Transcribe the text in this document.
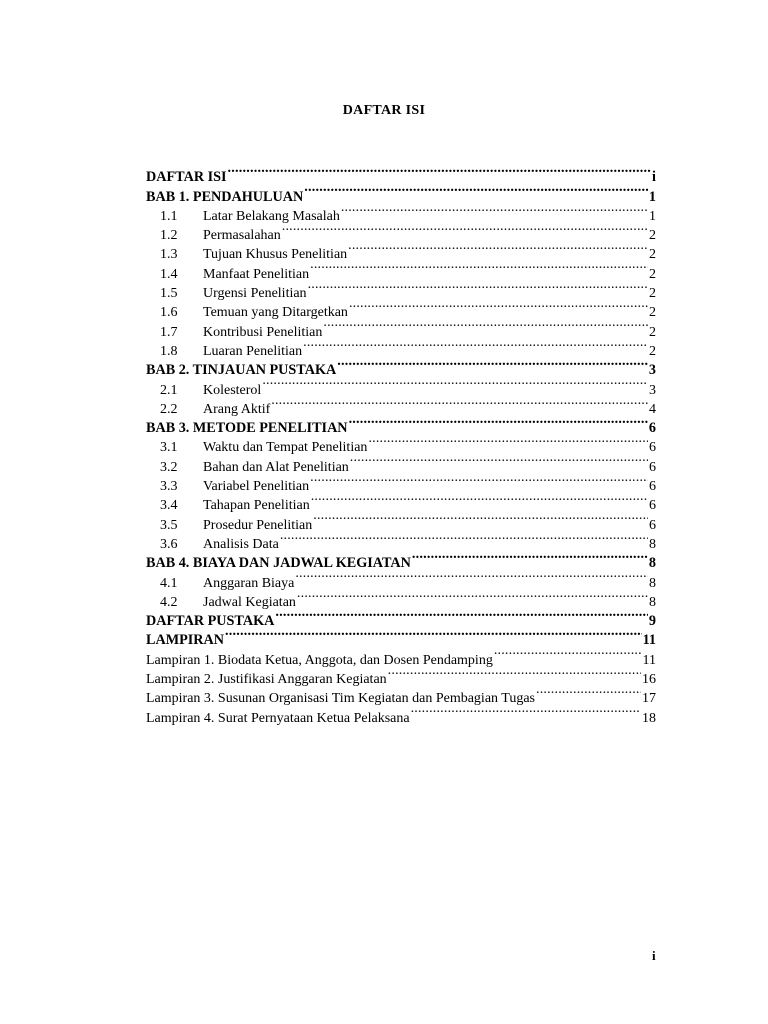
DAFTAR ISI
DAFTAR ISI .....	i
BAB 1. PENDAHULUAN .....	1
1.1	Latar Belakang Masalah .....	1
1.2	Permasalahan .....	2
1.3	Tujuan Khusus Penelitian .....	2
1.4	Manfaat Penelitian .....	2
1.5	Urgensi Penelitian .....	2
1.6	Temuan yang Ditargetkan .....	2
1.7	Kontribusi Penelitian .....	2
1.8	Luaran Penelitian .....	2
BAB 2. TINJAUAN PUSTAKA .....	3
2.1	Kolesterol .....	3
2.2	Arang Aktif .....	4
BAB 3. METODE PENELITIAN .....	6
3.1	Waktu dan Tempat Penelitian .....	6
3.2	Bahan dan Alat Penelitian .....	6
3.3	Variabel Penelitian .....	6
3.4	Tahapan Penelitian .....	6
3.5	Prosedur Penelitian .....	6
3.6	Analisis Data .....	8
BAB 4. BIAYA DAN JADWAL KEGIATAN .....	8
4.1	Anggaran Biaya .....	8
4.2	Jadwal Kegiatan .....	8
DAFTAR PUSTAKA .....	9
LAMPIRAN .....	11
Lampiran 1. Biodata Ketua, Anggota, dan Dosen Pendamping .....	11
Lampiran 2. Justifikasi Anggaran Kegiatan .....	16
Lampiran 3. Susunan Organisasi Tim Kegiatan dan Pembagian Tugas .....	17
Lampiran 4. Surat Pernyataan Ketua Pelaksana .....	18
i
